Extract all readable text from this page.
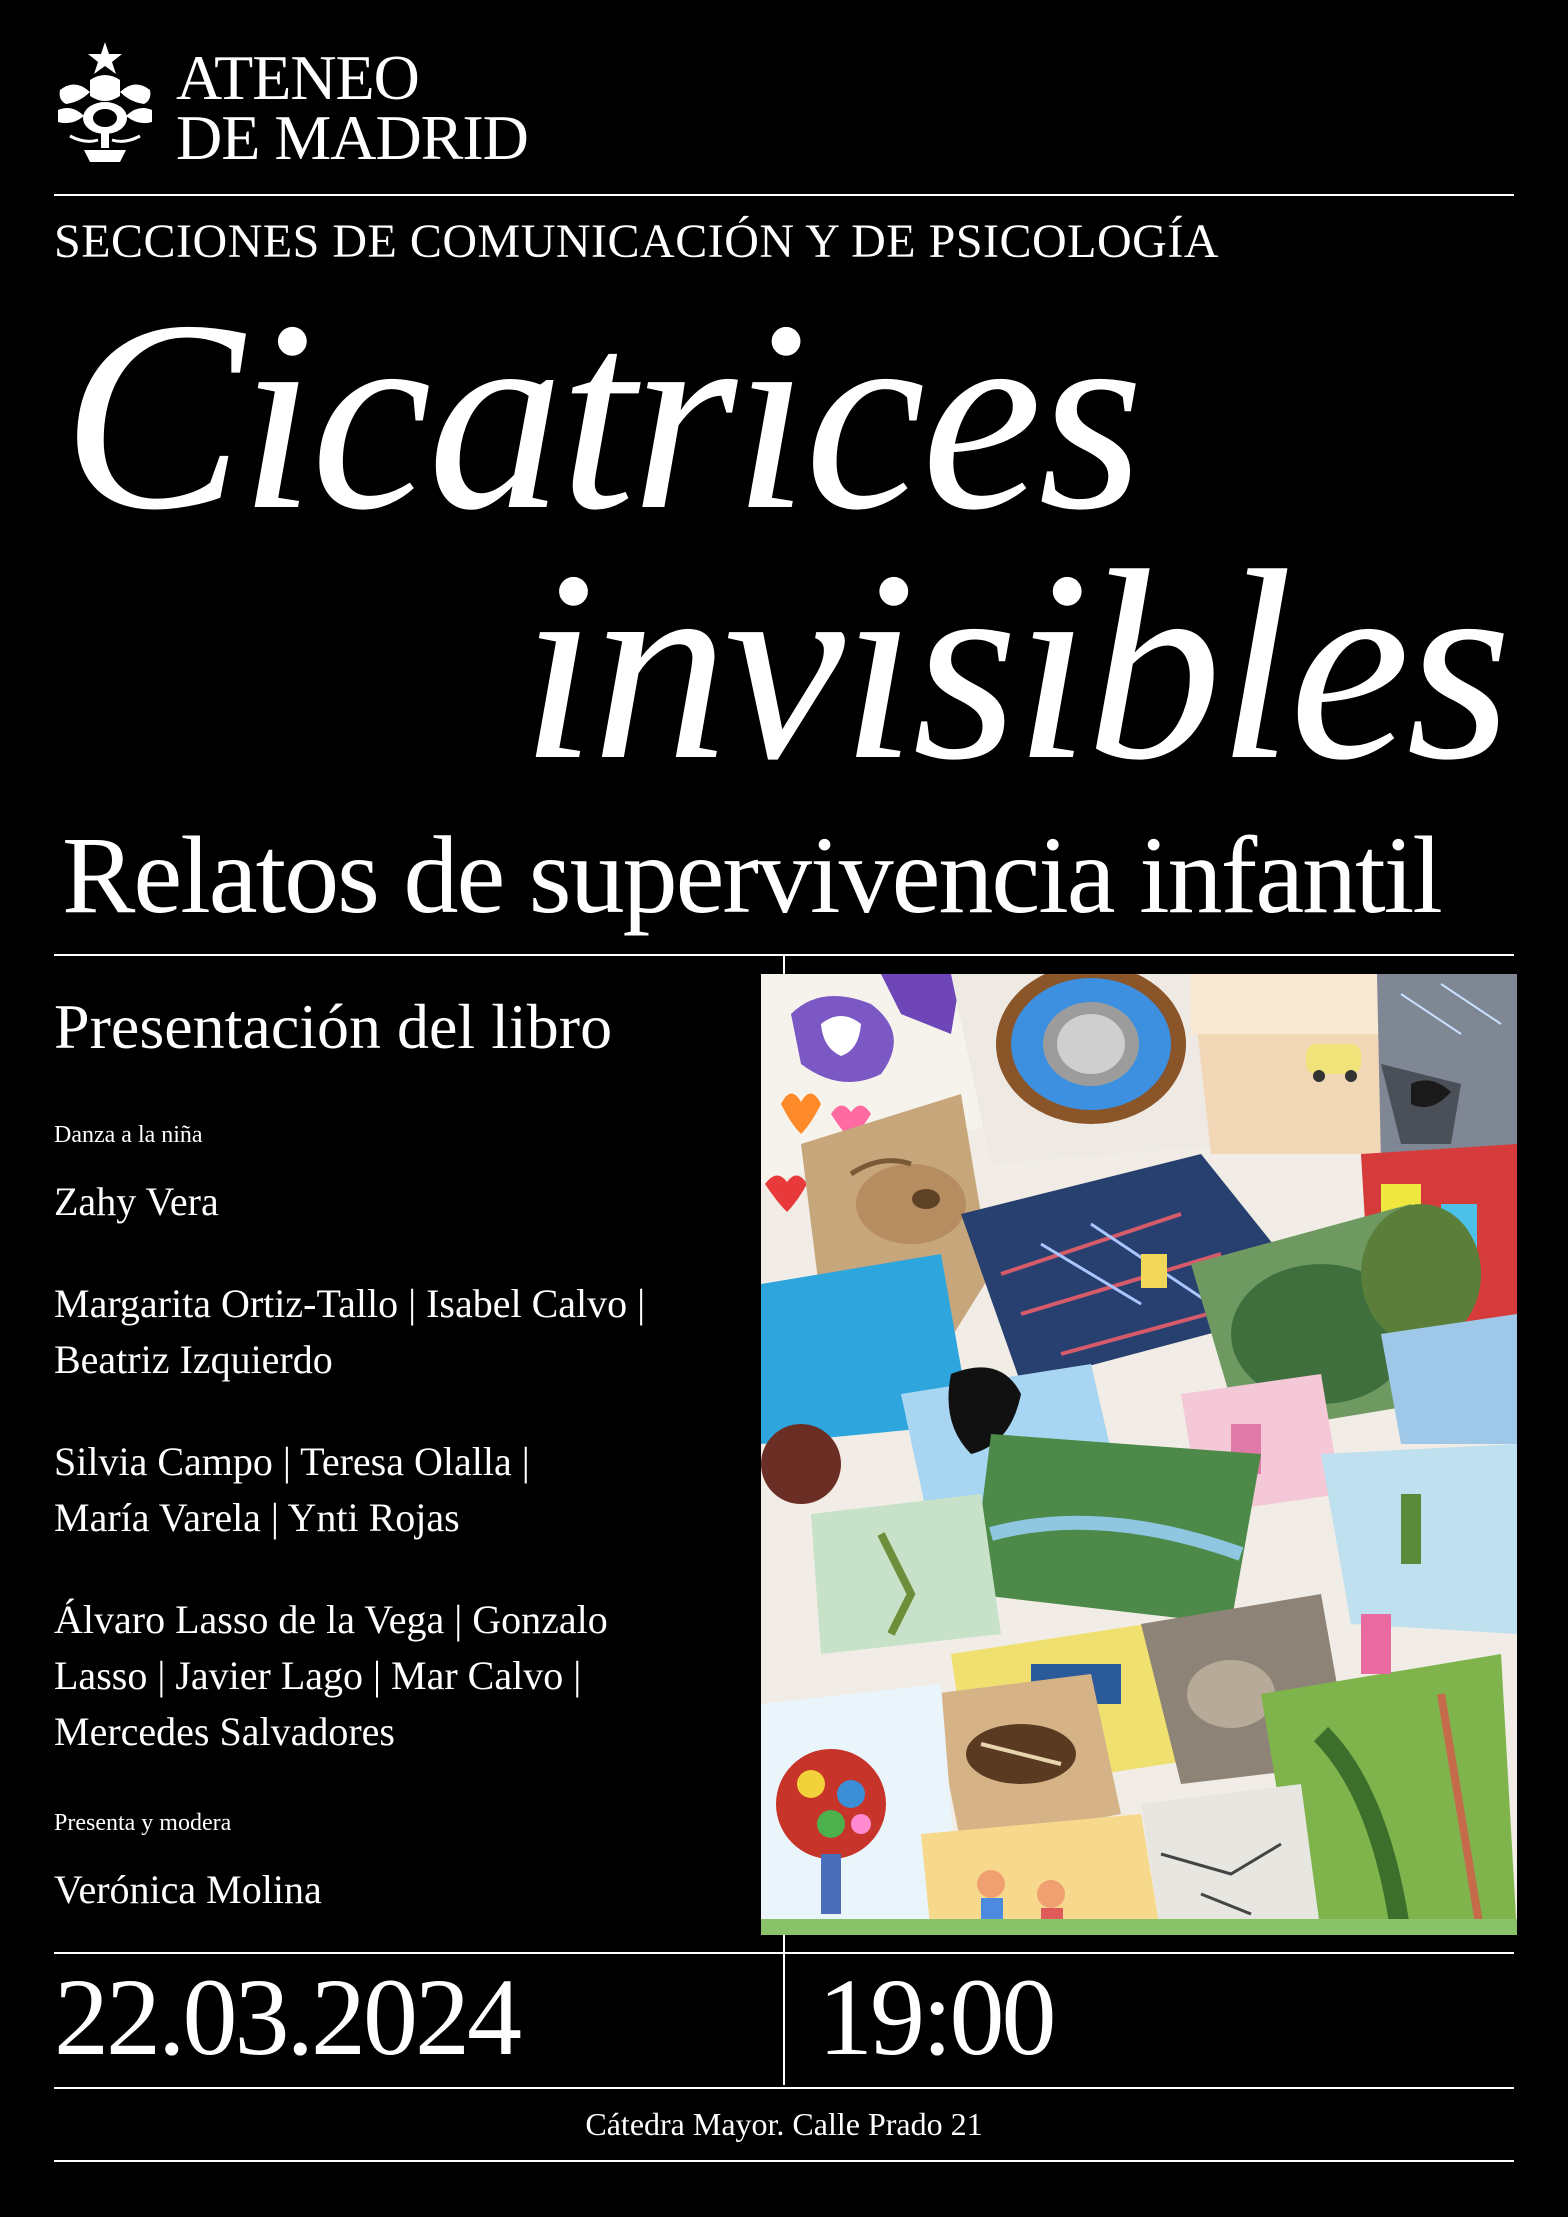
ATENEO
DE MADRID
SECCIONES DE COMUNICACIÓN Y DE PSICOLOGÍA
Cicatrices
invisibles
Relatos de supervivencia infantil
Presentación del libro
Danza a la niña
Zahy Vera
Margarita Ortiz-Tallo | Isabel Calvo |
Beatriz Izquierdo
Silvia Campo | Teresa Olalla |
María Varela | Ynti Rojas
Álvaro Lasso de la Vega | Gonzalo
Lasso | Javier Lago | Mar Calvo |
Mercedes Salvadores
Presenta y modera
Verónica Molina
22.03.2024	19:00
Cátedra Mayor. Calle Prado 21
